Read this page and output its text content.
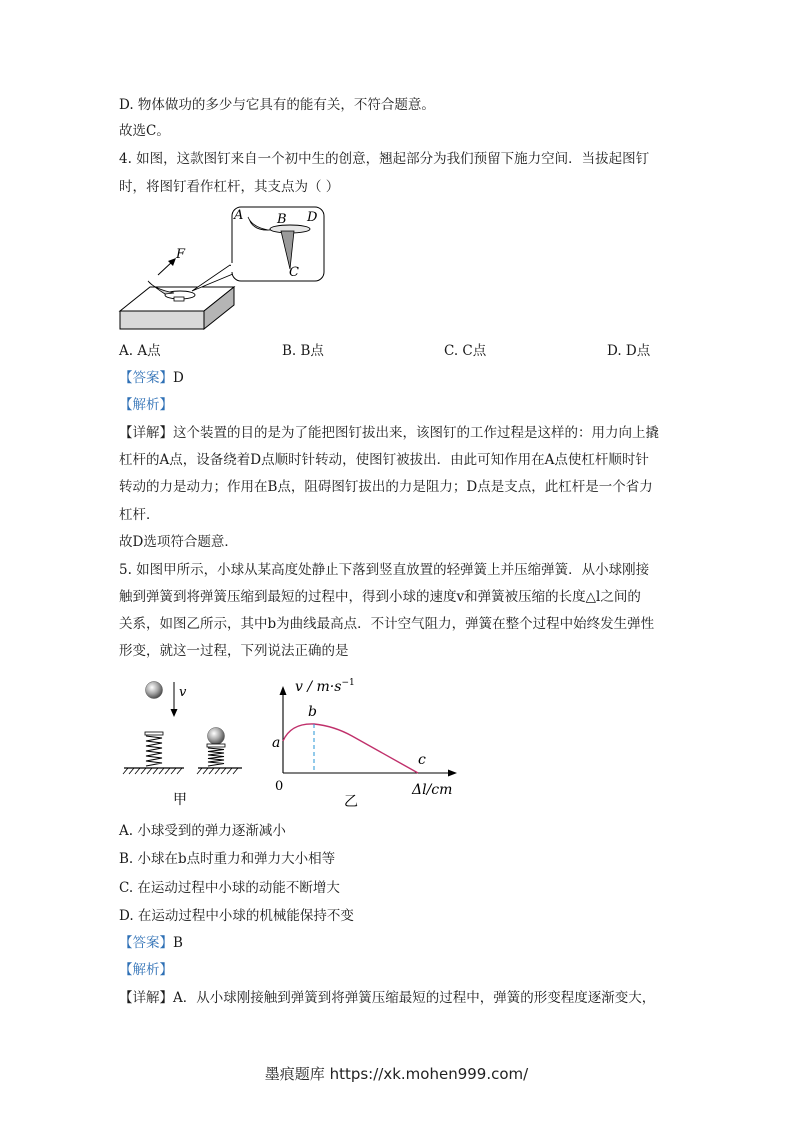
D. 物体做功的多少与它具有的能有关，不符合题意。
故选C。
4. 如图，这款图钉来自一个初中生的创意，翘起部分为我们预留下施力空间．当拔起图钉
时，将图钉看作杠杆，其支点为（ ）
F
A	B D
C
A. A点	B. B点	C. C点	D. D点
【答案】D
【解析】
【详解】这个装置的目的是为了能把图钉拔出来，该图钉的工作过程是这样的：用力向上撬
杠杆的A点，设备绕着D点顺时针转动，使图钉被拔出．由此可知作用在A点使杠杆顺时针
转动的力是动力；作用在B点，阻碍图钉拔出的力是阻力；D点是支点，此杠杆是一个省力
杠杆．
故D选项符合题意．
5. 如图甲所示，小球从某高度处静止下落到竖直放置的轻弹簧上并压缩弹簧．从小球刚接
触到弹簧到将弹簧压缩到最短的过程中，得到小球的速度v和弹簧被压缩的长度△l之间的
关系，如图乙所示，其中b为曲线最高点．不计空气阻力，弹簧在整个过程中始终发生弹性
形变，就这一过程，下列说法正确的是
v
甲
$v / m\cdot s^{-1}$
a
b
c
0	Δl/cm
乙
A. 小球受到的弹力逐渐减小
B. 小球在b点时重力和弹力大小相等
C. 在运动过程中小球的动能不断增大
D. 在运动过程中小球的机械能保持不变
【答案】B
【解析】
【详解】A．从小球刚接触到弹簧到将弹簧压缩最短的过程中，弹簧的形变程度逐渐变大，
墨痕题库 https://xk.mohen999.com/
